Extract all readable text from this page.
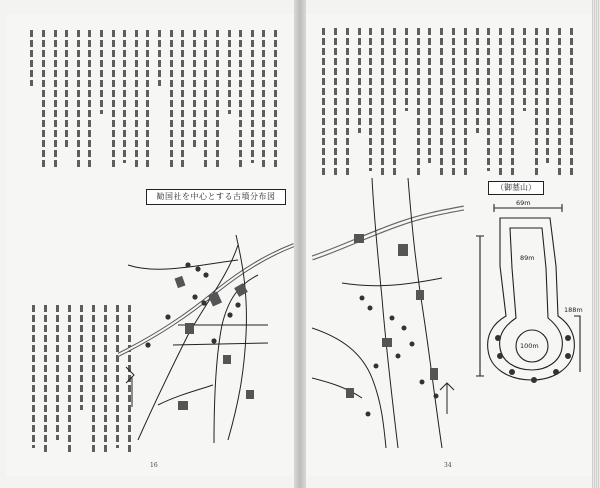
69m
89m
100m
188m
勧国社を中心とする古墳分布図
（御墓山）
16	34
